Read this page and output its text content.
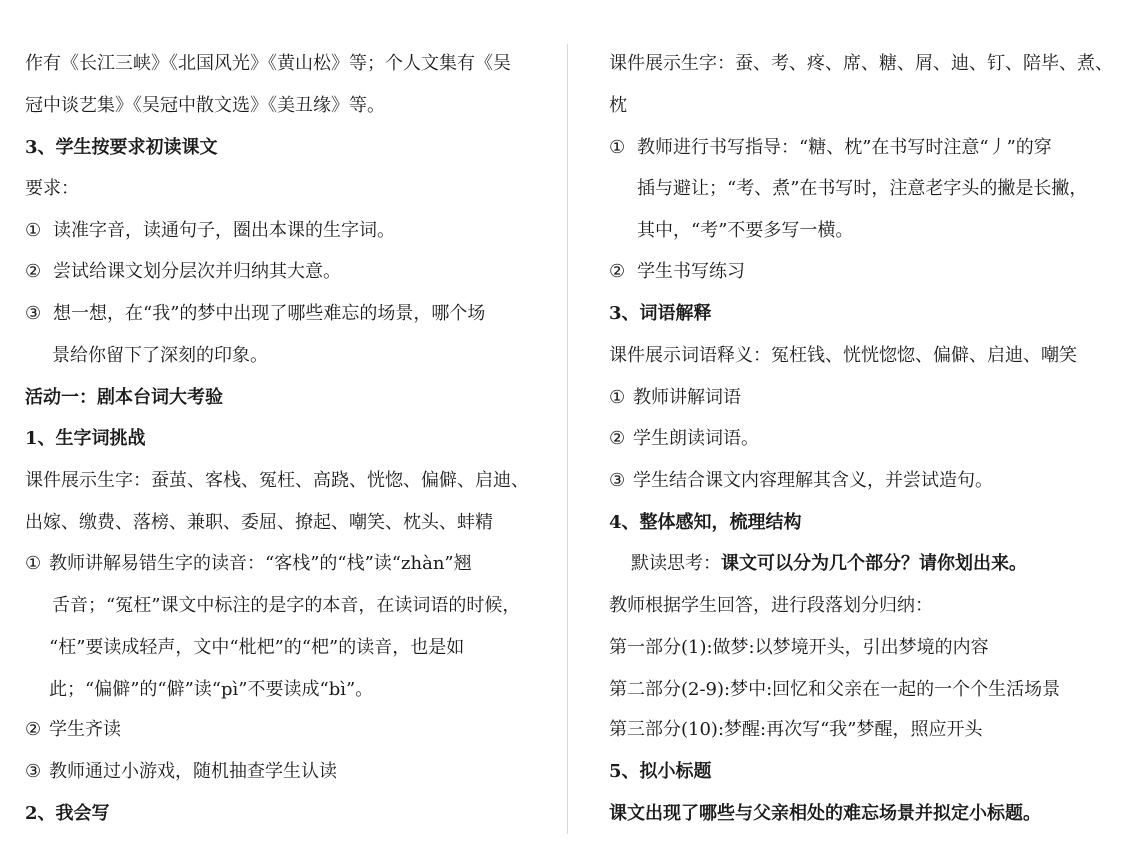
作有《长江三峡》《北国风光》《黄山松》等；个人文集有《吴
冠中谈艺集》《吴冠中散文选》《美丑缘》等。
3、学生按要求初读课文
要求：
① 读准字音，读通句子，圈出本课的生字词。
② 尝试给课文划分层次并归纳其大意。
③ 想一想，在“我”的梦中出现了哪些难忘的场景，哪个场
景给你留下了深刻的印象。
活动一：剧本台词大考验
1、生字词挑战
课件展示生字：蚕茧、客栈、冤枉、高跷、恍惚、偏僻、启迪、
出嫁、缴费、落榜、兼职、委屈、撩起、嘲笑、枕头、蚌精
① 教师讲解易错生字的读音：“客栈”的“栈”读“zhàn”翘
舌音；“冤枉”课文中标注的是字的本音，在读词语的时候，
“枉”要读成轻声，文中“枇杷”的“杷”的读音，也是如
此；“偏僻”的“僻”读“pì”不要读成“bì”。
② 学生齐读
③ 教师通过小游戏，随机抽查学生认读
2、我会写
课件展示生字：蚕、考、疼、席、糖、屑、迪、钉、陪毕、煮、
枕
① 教师进行书写指导：“糖、枕”在书写时注意“丿”的穿
插与避让；“考、煮”在书写时，注意老字头的撇是长撇，
其中，“考”不要多写一横。
② 学生书写练习
3、词语解释
课件展示词语释义：冤枉钱、恍恍惚惚、偏僻、启迪、嘲笑
① 教师讲解词语
② 学生朗读词语。
③ 学生结合课文内容理解其含义，并尝试造句。
4、整体感知，梳理结构
默读思考：课文可以分为几个部分？请你划出来。
教师根据学生回答，进行段落划分归纳：
第一部分(1):做梦:以梦境开头，引出梦境的内容
第二部分(2-9):梦中:回忆和父亲在一起的一个个生活场景
第三部分(10):梦醒:再次写“我”梦醒，照应开头
5、拟小标题
课文出现了哪些与父亲相处的难忘场景并拟定小标题。
